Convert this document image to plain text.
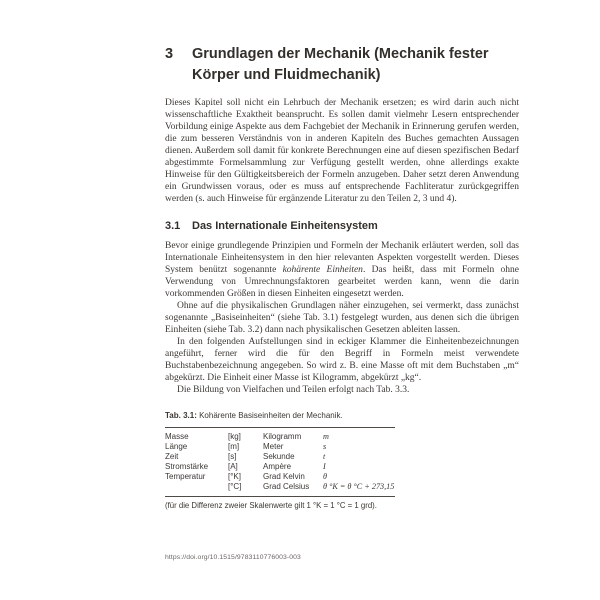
3 Grundlagen der Mechanik (Mechanik fester Körper und Fluidmechanik)

Dieses Kapitel soll nicht ein Lehrbuch der Mechanik ersetzen; es wird darin auch nicht wissenschaftliche Exaktheit beansprucht. Es sollen damit vielmehr Lesern entsprechender Vorbildung einige Aspekte aus dem Fachgebiet der Mechanik in Erinnerung gerufen werden, die zum besseren Verständnis von in anderen Kapiteln des Buches gemachten Aussagen dienen. Außerdem soll damit für konkrete Berechnungen eine auf diesen spezifischen Bedarf abgestimmte Formelsammlung zur Verfügung gestellt werden, ohne allerdings exakte Hinweise für den Gültigkeitsbereich der Formeln anzugeben. Daher setzt deren Anwendung ein Grundwissen voraus, oder es muss auf entsprechende Fachliteratur zurückgegriffen werden (s. auch Hinweise für ergänzende Literatur zu den Teilen 2, 3 und 4).

3.1 Das Internationale Einheitensystem

Bevor einige grundlegende Prinzipien und Formeln der Mechanik erläutert werden, soll das Internationale Einheitensystem in den hier relevanten Aspekten vorgestellt werden. Dieses System benützt sogenannte kohärente Einheiten. Das heißt, dass mit Formeln ohne Verwendung von Umrechnungsfaktoren gearbeitet werden kann, wenn die darin vorkommenden Größen in diesen Einheiten eingesetzt werden.

Ohne auf die physikalischen Grundlagen näher einzugehen, sei vermerkt, dass zunächst sogenannte „Basiseinheiten“ (siehe Tab. 3.1) festgelegt wurden, aus denen sich die übrigen Einheiten (siehe Tab. 3.2) dann nach physikalischen Gesetzen ableiten lassen.

In den folgenden Aufstellungen sind in eckiger Klammer die Einheitenbezeichnungen angeführt, ferner wird die für den Begriff in Formeln meist verwendete Buchstabenbezeichnung angegeben. So wird z. B. eine Masse oft mit dem Buchstaben „m“ abgekürzt. Die Einheit einer Masse ist Kilogramm, abgekürzt „kg“.

Die Bildung von Vielfachen und Teilen erfolgt nach Tab. 3.3.

Tab. 3.1: Kohärente Basiseinheiten der Mechanik.
Masse	[kg]	Kilogramm	m
Länge	[m]	Meter	s
Zeit	[s]	Sekunde	t
Stromstärke	[A]	Ampère	I
Temperatur	[°K]	Grad Kelvin	θ
	[°C]	Grad Celsius	θ °K = θ °C + 273,15
(für die Differenz zweier Skalenwerte gilt 1 °K = 1 °C = 1 grd).
https://doi.org/10.1515/9783110776003-003
